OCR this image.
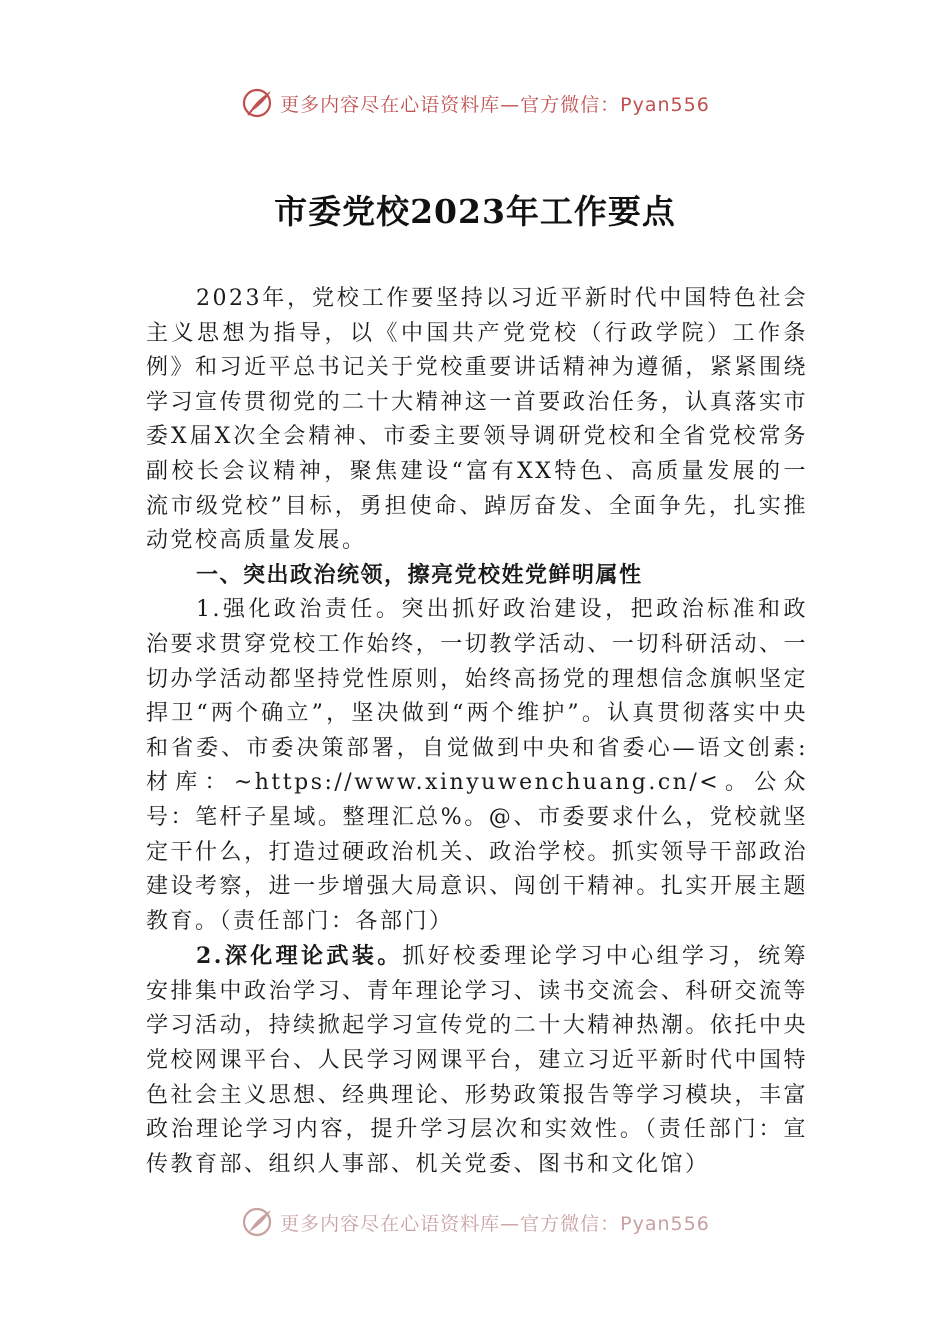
更多内容尽在心语资料库—官方微信：Pyan556
市委党校2023年工作要点

2023年，党校工作要坚持以习近平新时代中国特色社会主义思想为指导，以《中国共产党党校（行政学院）工作条例》和习近平总书记关于党校重要讲话精神为遵循，紧紧围绕学习宣传贯彻党的二十大精神这一首要政治任务，认真落实市委X届X次全会精神、市委主要领导调研党校和全省党校常务副校长会议精神，聚焦建设“富有XX特色、高质量发展的一流市级党校”目标，勇担使命、踔厉奋发、全面争先，扎实推动党校高质量发展。

一、突出政治统领，擦亮党校姓党鲜明属性

1.强化政治责任。突出抓好政治建设，把政治标准和政治要求贯穿党校工作始终，一切教学活动、一切科研活动、一切办学活动都坚持党性原则，始终高扬党的理想信念旗帜坚定捍卫“两个确立”，坚决做到“两个维护”。认真贯彻落实中央和省委、市委决策部署，自觉做到中央和省委心—语文创素:材库：~https://www.xinyuwenchuang.cn/<。公众号：笔杆子星域。整理汇总%。@、市委要求什么，党校就坚定干什么，打造过硬政治机关、政治学校。抓实领导干部政治建设考察，进一步增强大局意识、闯创干精神。扎实开展主题教育。（责任部门：各部门）

2.深化理论武装。抓好校委理论学习中心组学习，统筹安排集中政治学习、青年理论学习、读书交流会、科研交流等学习活动，持续掀起学习宣传党的二十大精神热潮。依托中央党校网课平台、人民学习网课平台，建立习近平新时代中国特色社会主义思想、经典理论、形势政策报告等学习模块，丰富政治理论学习内容，提升学习层次和实效性。（责任部门：宣传教育部、组织人事部、机关党委、图书和文化馆）

更多内容尽在心语资料库—官方微信：Pyan556
